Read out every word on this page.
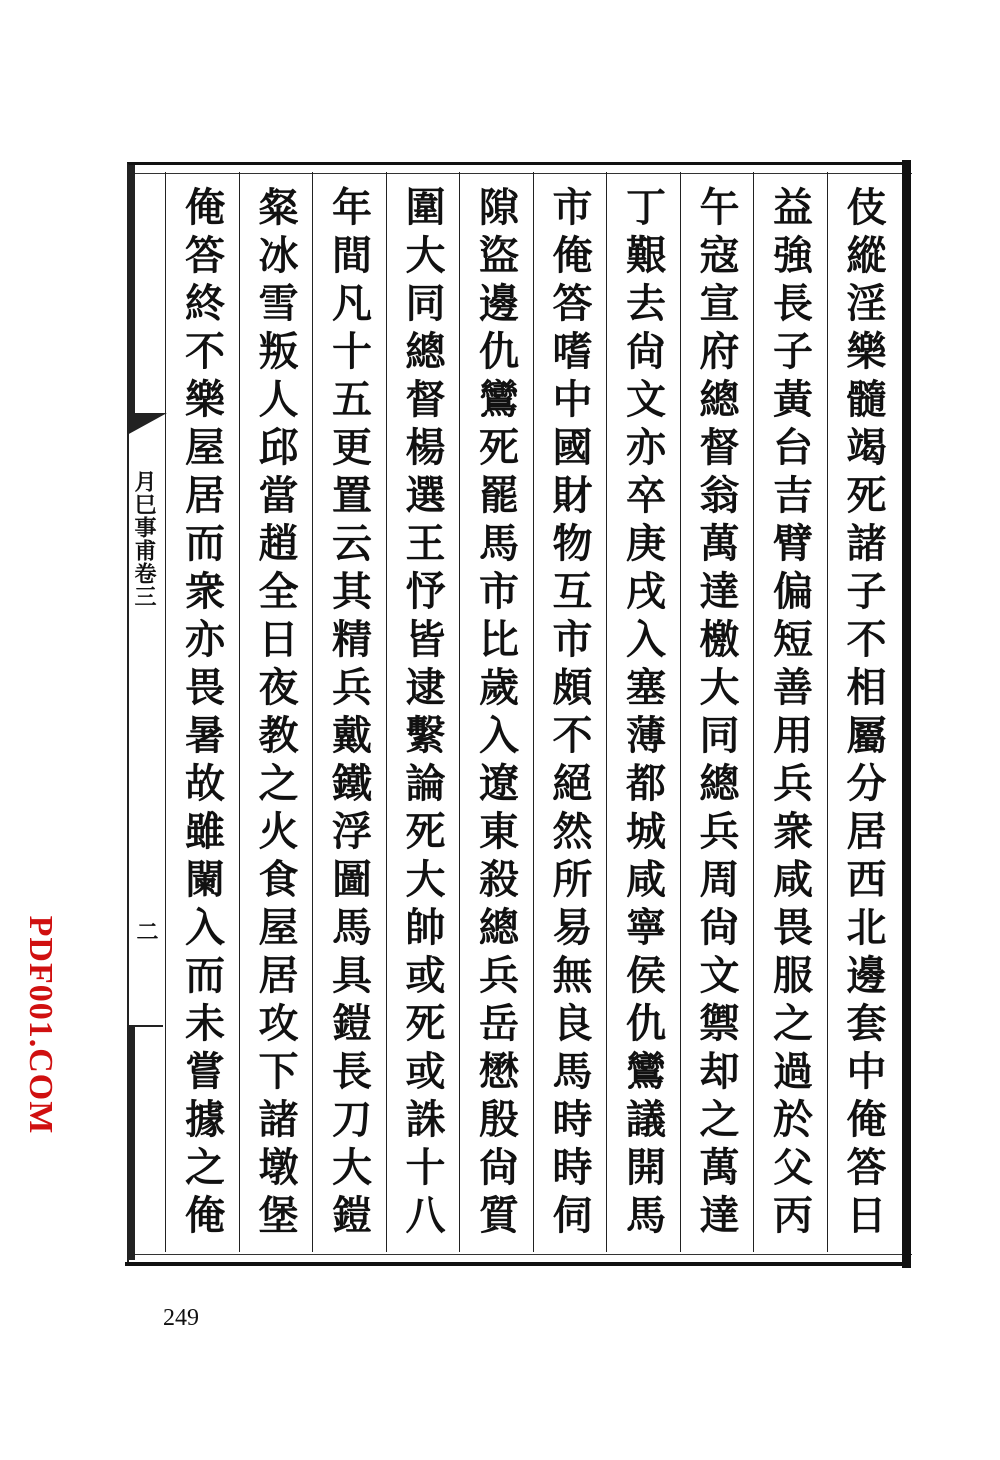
月巳事甫卷三
二	伎縱淫樂髓竭死諸子不相屬分居西北邊套中俺答日
益強長子黃台吉臂偏短善用兵衆咸畏服之過於父丙
午寇宣府總督翁萬達檄大同總兵周尙文禦却之萬達
丁艱去尙文亦卒庚戌入塞薄都城咸寧侯仇鸞議開馬
市俺答嗜中國財物互市頗不絕然所易無良馬時時伺
隙盜邊仇鸞死罷馬市比歲入遼東殺總兵岳懋殷尙質
圍大同總督楊選王忬皆逮繫論死大帥或死或誅十八
年間凡十五更置云其精兵戴鐵浮圖馬具鎧長刀大鎧
粲冰雪叛人邱當趙全日夜教之火食屋居攻下諸墩堡
俺答終不樂屋居而衆亦畏暑故雖闌入而未嘗據之俺
249
PDF001.COM
